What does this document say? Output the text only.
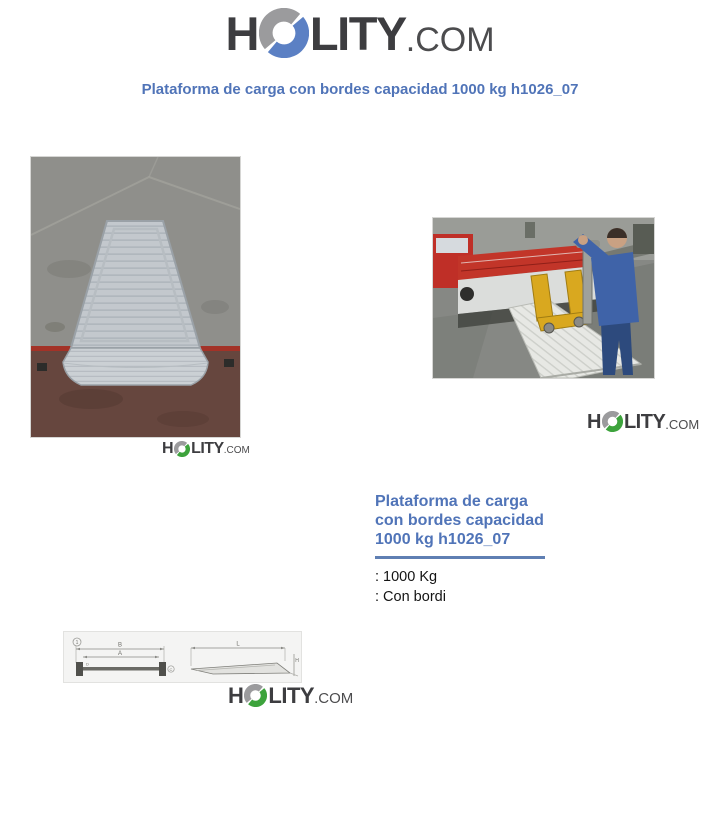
H LITY .COM
Plataforma de carga con bordes capacidad 1000 kg h1026_07
H LITY .COM
H LITY .COM
Plataforma de carga con bordes capacidad 1000 kg h1026_07
: 1000 Kg
: Con bordi
1	B
A
D
C
L
H
H LITY .COM
